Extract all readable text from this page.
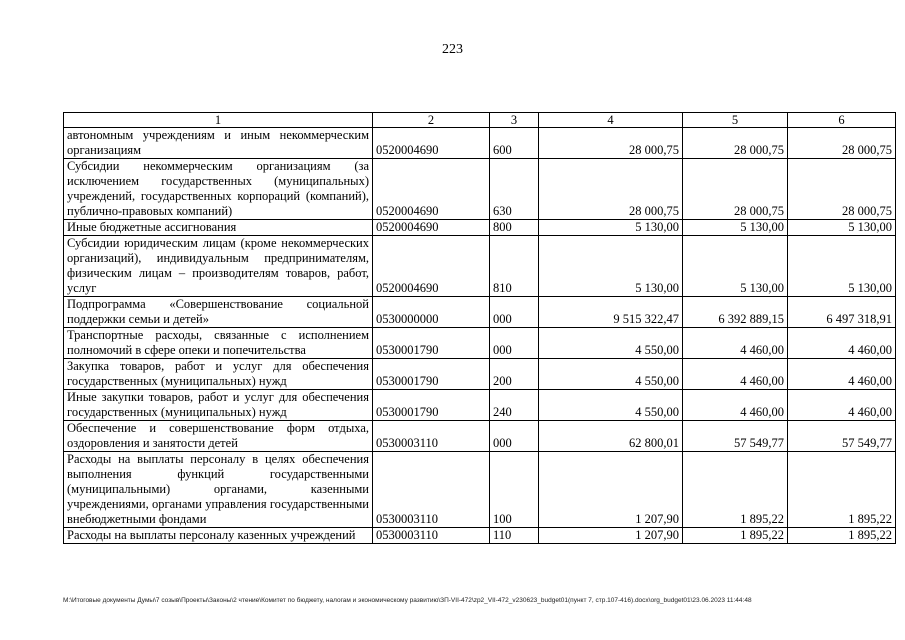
223
1	2	3	4	5	6
автономным учреждениям и иным некоммерческим организациям	0520004690	600	28 000,75	28 000,75	28 000,75
Субсидии некоммерческим организациям (за исключением государственных (муниципальных) учреждений, государственных корпораций (компаний), публично-правовых компаний)	0520004690	630	28 000,75	28 000,75	28 000,75
Иные бюджетные ассигнования	0520004690	800	5 130,00	5 130,00	5 130,00
Субсидии юридическим лицам (кроме некоммерческих организаций), индивидуальным предпринимателям, физическим лицам – производителям товаров, работ, услуг	0520004690	810	5 130,00	5 130,00	5 130,00
Подпрограмма «Совершенствование социальной поддержки семьи и детей»	0530000000	000	9 515 322,47	6 392 889,15	6 497 318,91
Транспортные расходы, связанные с исполнением полномочий в сфере опеки и попечительства	0530001790	000	4 550,00	4 460,00	4 460,00
Закупка товаров, работ и услуг для обеспечения государственных (муниципальных) нужд	0530001790	200	4 550,00	4 460,00	4 460,00
Иные закупки товаров, работ и услуг для обеспечения государственных (муниципальных) нужд	0530001790	240	4 550,00	4 460,00	4 460,00
Обеспечение и совершенствование форм отдыха, оздоровления и занятости детей	0530003110	000	62 800,01	57 549,77	57 549,77
Расходы на выплаты персоналу в целях обеспечения выполнения функций государственными (муниципальными) органами, казенными учреждениями, органами управления государственными внебюджетными фондами	0530003110	100	1 207,90	1 895,22	1 895,22
Расходы на выплаты персоналу казенных учреждений	0530003110	110	1 207,90	1 895,22	1 895,22
M:\Итоговые документы Думы\7 созыв\Проекты\Законы\2 чтение\Комитет по бюджету, налогам и экономическому развитию\ЗП-VII-472\zp2_VII-472_v230623_budget01(пункт 7, стр.107-416).docx\org_budget01\23.06.2023 11:44:48
